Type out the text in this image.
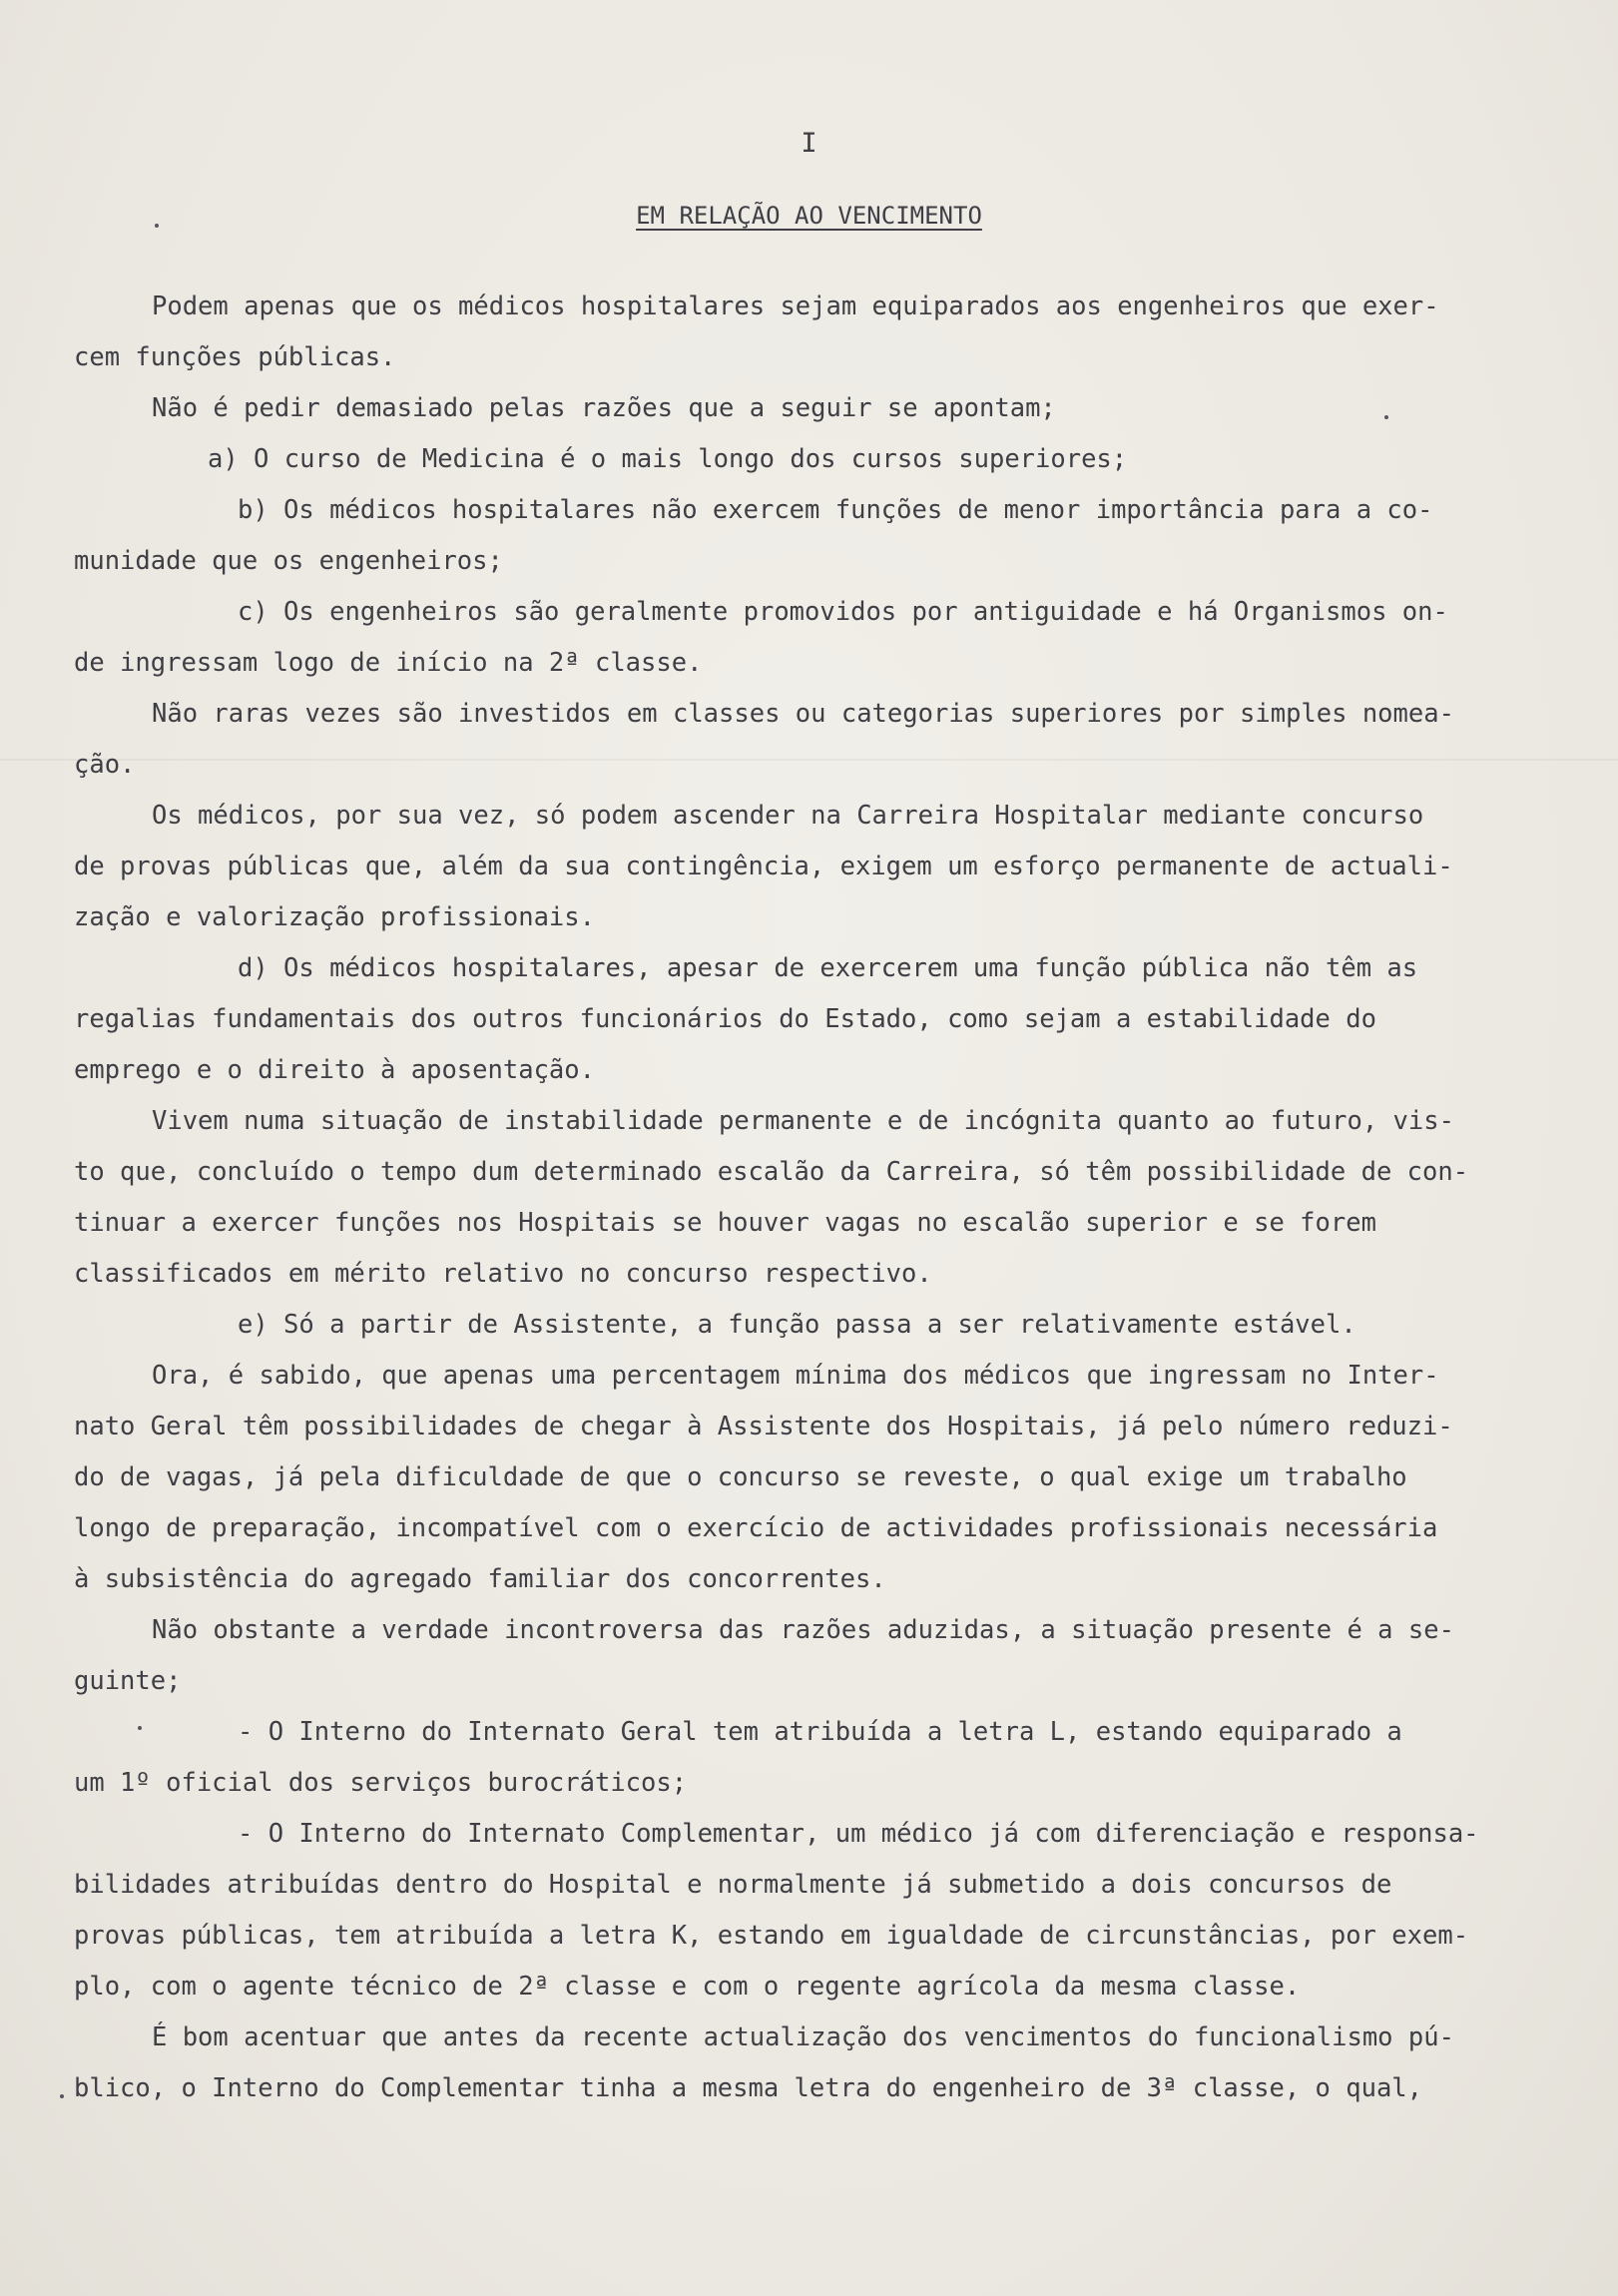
I
EM RELAÇÃO AO VENCIMENTO
Podem apenas que os médicos hospitalares sejam equiparados aos engenheiros que exer-
cem funções públicas.
Não é pedir demasiado pelas razões que a seguir se apontam;
a) O curso de Medicina é o mais longo dos cursos superiores;
b) Os médicos hospitalares não exercem funções de menor importância para a co-
munidade que os engenheiros;
c) Os engenheiros são geralmente promovidos por antiguidade e há Organismos on-
de ingressam logo de início na 2ª classe.
Não raras vezes são investidos em classes ou categorias superiores por simples nomea-
ção.
Os médicos, por sua vez, só podem ascender na Carreira Hospitalar mediante concurso
de provas públicas que, além da sua contingência, exigem um esforço permanente de actuali-
zação e valorização profissionais.
d) Os médicos hospitalares, apesar de exercerem uma função pública não têm as
regalias fundamentais dos outros funcionários do Estado, como sejam a estabilidade do
emprego e o direito à aposentação.
Vivem numa situação de instabilidade permanente e de incógnita quanto ao futuro, vis-
to que, concluído o tempo dum determinado escalão da Carreira, só têm possibilidade de con-
tinuar a exercer funções nos Hospitais se houver vagas no escalão superior e se forem
classificados em mérito relativo no concurso respectivo.
e) Só a partir de Assistente, a função passa a ser relativamente estável.
Ora, é sabido, que apenas uma percentagem mínima dos médicos que ingressam no Inter-
nato Geral têm possibilidades de chegar à Assistente dos Hospitais, já pelo número reduzi-
do de vagas, já pela dificuldade de que o concurso se reveste, o qual exige um trabalho
longo de preparação, incompatível com o exercício de actividades profissionais necessária
à subsistência do agregado familiar dos concorrentes.
Não obstante a verdade incontroversa das razões aduzidas, a situação presente é a se-
guinte;
- O Interno do Internato Geral tem atribuída a letra L, estando equiparado a
um 1º oficial dos serviços burocráticos;
- O Interno do Internato Complementar, um médico já com diferenciação e responsa-
bilidades atribuídas dentro do Hospital e normalmente já submetido a dois concursos de
provas públicas, tem atribuída a letra K, estando em igualdade de circunstâncias, por exem-
plo, com o agente técnico de 2ª classe e com o regente agrícola da mesma classe.
É bom acentuar que antes da recente actualização dos vencimentos do funcionalismo pú-
blico, o Interno do Complementar tinha a mesma letra do engenheiro de 3ª classe, o qual,
